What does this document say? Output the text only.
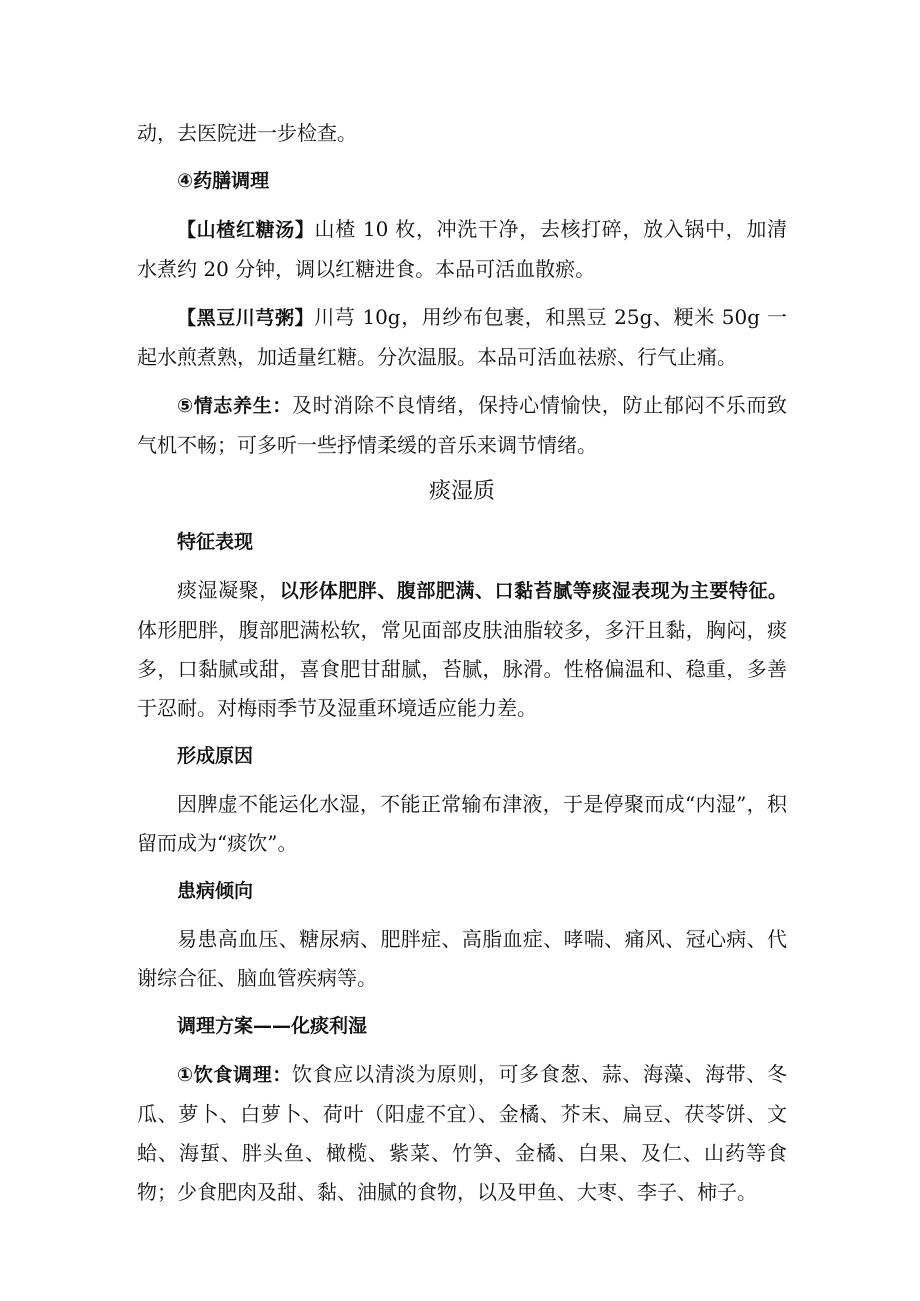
动，去医院进一步检查。

④药膳调理

【山楂红糖汤】山楂 10 枚，冲洗干净，去核打碎，放入锅中，加清水煮约 20 分钟，调以红糖进食。本品可活血散瘀。

【黑豆川芎粥】川芎 10g，用纱布包裹，和黑豆 25g、粳米 50g 一起水煎煮熟，加适量红糖。分次温服。本品可活血祛瘀、行气止痛。

⑤情志养生：及时消除不良情绪，保持心情愉快，防止郁闷不乐而致气机不畅；可多听一些抒情柔缓的音乐来调节情绪。

痰湿质

特征表现

痰湿凝聚，以形体肥胖、腹部肥满、口黏苔腻等痰湿表现为主要特征。体形肥胖，腹部肥满松软，常见面部皮肤油脂较多，多汗且黏，胸闷，痰多，口黏腻或甜，喜食肥甘甜腻，苔腻，脉滑。性格偏温和、稳重，多善于忍耐。对梅雨季节及湿重环境适应能力差。

形成原因

因脾虚不能运化水湿，不能正常输布津液，于是停聚而成“内湿”，积留而成为“痰饮”。

患病倾向

易患高血压、糖尿病、肥胖症、高脂血症、哮喘、痛风、冠心病、代谢综合征、脑血管疾病等。

调理方案——化痰利湿

①饮食调理：饮食应以清淡为原则，可多食葱、蒜、海藻、海带、冬瓜、萝卜、白萝卜、荷叶（阳虚不宜）、金橘、芥末、扁豆、茯苓饼、文蛤、海蜇、胖头鱼、橄榄、紫菜、竹笋、金橘、白果、及仁、山药等食物；少食肥肉及甜、黏、油腻的食物，以及甲鱼、大枣、李子、柿子。
